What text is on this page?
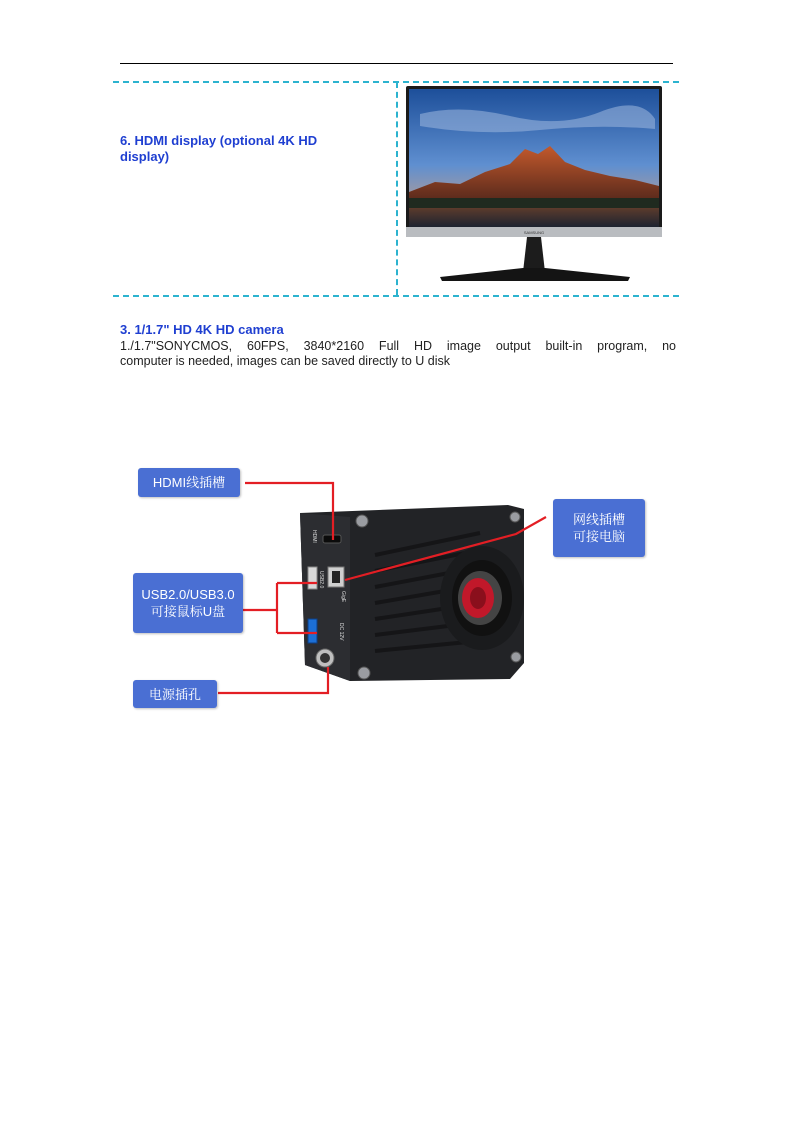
6. HDMI display (optional 4K HD
display)
SAMSUNG
3. 1/1.7" HD 4K HD camera
1./1.7"SONYCMOS, 60FPS, 3840*2160 Full HD image output built-in program, no
computer is needed, images can be saved directly to U disk
HDMI
USB2.0
GigE
DC 12V
HDMI线插槽
网线插槽
可接电脑
USB2.0/USB3.0
可接鼠标U盘
电源插孔
